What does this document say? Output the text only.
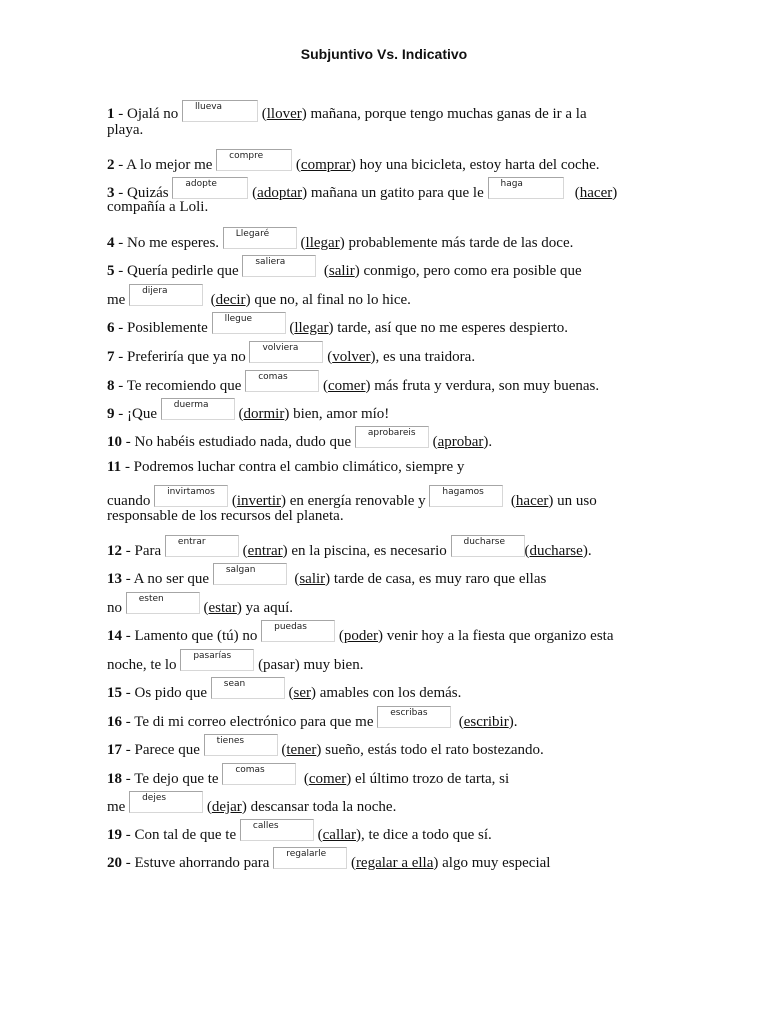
Subjuntivo Vs. Indicativo
1 - Ojalá no llueva (llover) mañana, porque tengo muchas ganas de ir a la
playa.
2 - A lo mejor me
compre
(comprar) hoy una bicicleta, estoy harta del coche.
3 - Quizás
adopte
(adoptar) mañana un gatito para que le
haga
(hacer)
compañía a Loli.
4 - No me esperes.
Llegaré
(llegar) probablemente más tarde de las doce.
5 - Quería pedirle que
saliera
(salir) conmigo, pero como era posible que
me
dijera
(decir) que no, al final no lo hice.
6 - Posiblemente
llegue
(llegar) tarde, así que no me esperes despierto.
7 - Preferiría que ya no
volviera
(volver), es una traidora.
8 - Te recomiendo que
comas
(comer) más fruta y verdura, son muy buenas.
9 - ¡Que
duerma
(dormir) bien, amor mío!
10 - No habéis estudiado nada, dudo que
aprobareis
(aprobar).
11 - Podremos luchar contra el cambio climático, siempre y
cuando
invirtamos
(invertir) en energía renovable y
hagamos
(hacer) un uso
responsable de los recursos del planeta.
12 - Para
entrar
(entrar) en la piscina, es necesario
ducharse
(ducharse).
13 - A no ser que
salgan
(salir) tarde de casa, es muy raro que ellas
no
esten
(estar) ya aquí.
14 - Lamento que (tú) no
puedas
(poder) venir hoy a la fiesta que organizo esta
noche, te lo
pasarías
(pasar) muy bien.
15 - Os pido que
sean
(ser) amables con los demás.
16 - Te di mi correo electrónico para que me
escribas
(escribir).
17 - Parece que
tienes
(tener) sueño, estás todo el rato bostezando.
18 - Te dejo que te
comas
(comer) el último trozo de tarta, si
me
dejes
(dejar) descansar toda la noche.
19 - Con tal de que te
calles
(callar), te dice a todo que sí.
20 - Estuve ahorrando para
regalarle
(regalar a ella) algo muy especial
